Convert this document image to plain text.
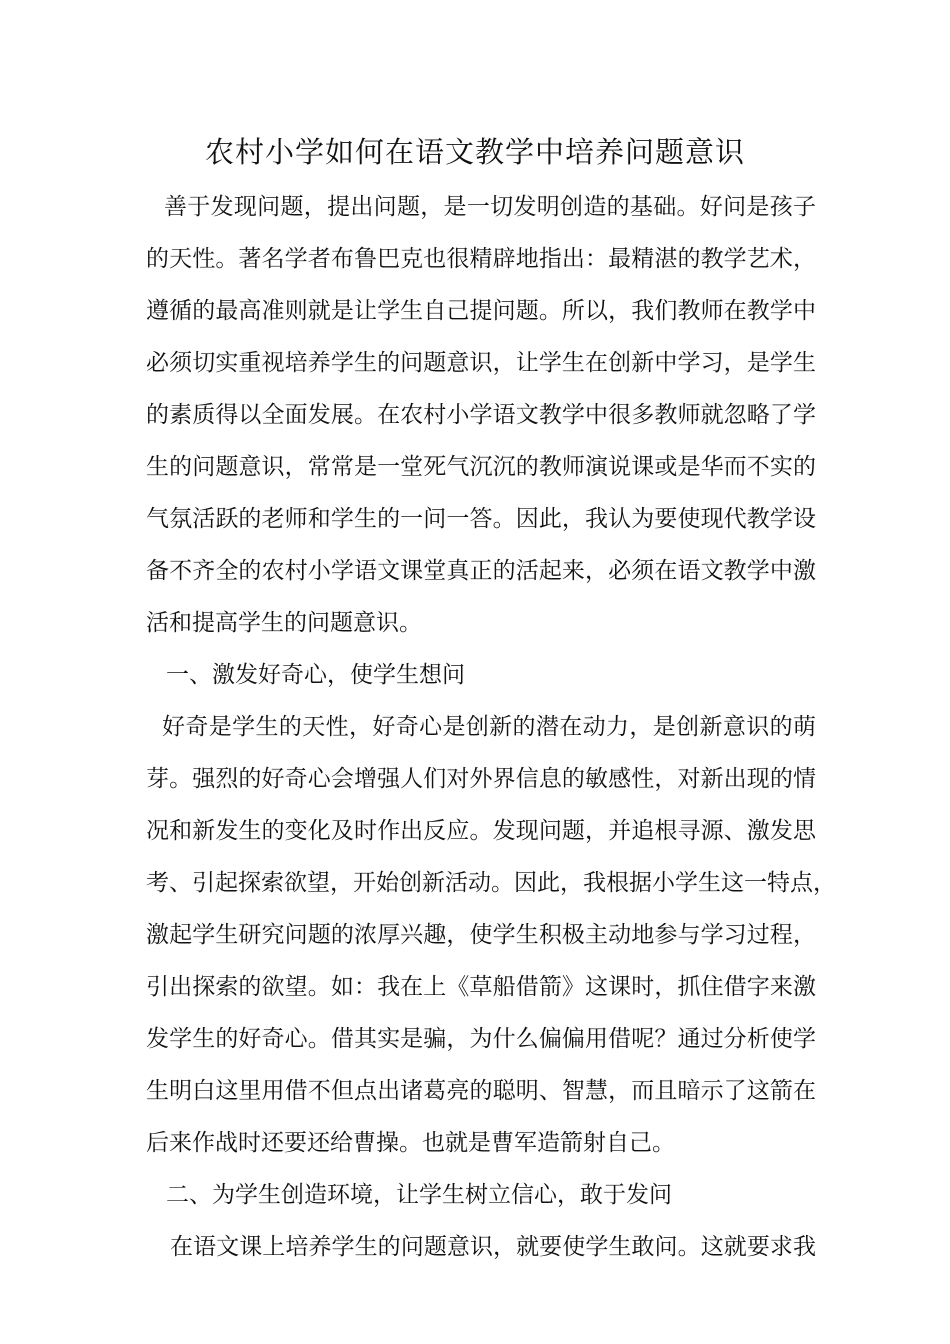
农村小学如何在语文教学中培养问题意识
善于发现问题，提出问题，是一切发明创造的基础。好问是孩子
的天性。著名学者布鲁巴克也很精辟地指出：最精湛的教学艺术，
遵循的最高准则就是让学生自己提问题。所以，我们教师在教学中
必须切实重视培养学生的问题意识，让学生在创新中学习，是学生
的素质得以全面发展。在农村小学语文教学中很多教师就忽略了学
生的问题意识，常常是一堂死气沉沉的教师演说课或是华而不实的
气氛活跃的老师和学生的一问一答。因此，我认为要使现代教学设
备不齐全的农村小学语文课堂真正的活起来，必须在语文教学中激
活和提高学生的问题意识。
一、激发好奇心，使学生想问
好奇是学生的天性，好奇心是创新的潜在动力，是创新意识的萌
芽。强烈的好奇心会增强人们对外界信息的敏感性，对新出现的情
况和新发生的变化及时作出反应。发现问题，并追根寻源、激发思
考、引起探索欲望，开始创新活动。因此，我根据小学生这一特点，
激起学生研究问题的浓厚兴趣，使学生积极主动地参与学习过程，
引出探索的欲望。如：我在上《草船借箭》这课时，抓住借字来激
发学生的好奇心。借其实是骗，为什么偏偏用借呢？通过分析使学
生明白这里用借不但点出诸葛亮的聪明、智慧，而且暗示了这箭在
后来作战时还要还给曹操。也就是曹军造箭射自己。
二、为学生创造环境，让学生树立信心，敢于发问
在语文课上培养学生的问题意识，就要使学生敢问。这就要求我
